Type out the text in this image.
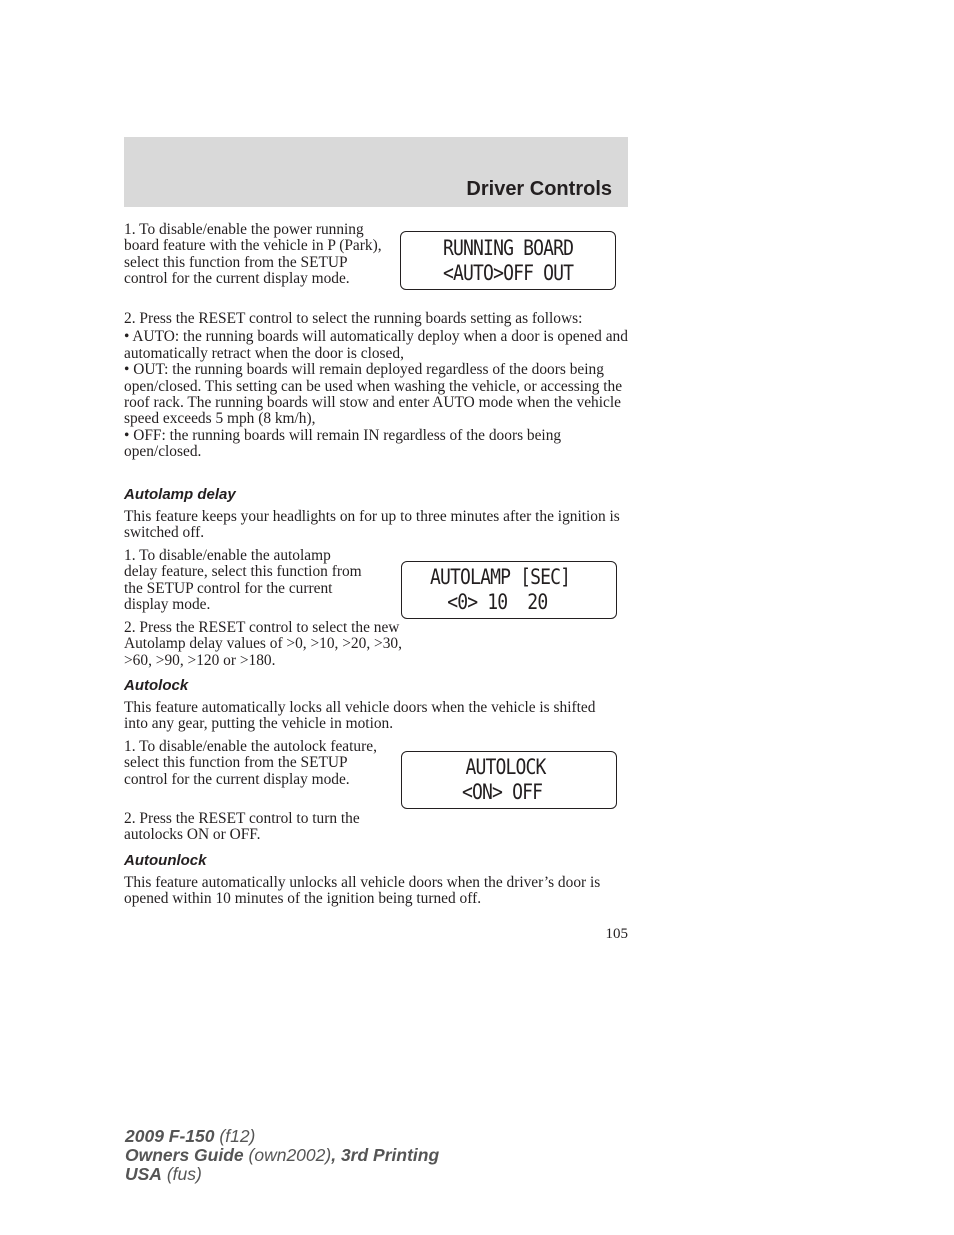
Driver Controls

1. To disable/enable the power running board feature with the vehicle in P (Park), select this function from the SETUP control for the current display mode.

RUNNING BOARD
<AUTO>OFF OUT

2. Press the RESET control to select the running boards setting as follows:

• AUTO: the running boards will automatically deploy when a door is opened and automatically retract when the door is closed,

• OUT: the running boards will remain deployed regardless of the doors being open/closed. This setting can be used when washing the vehicle, or accessing the roof rack. The running boards will stow and enter AUTO mode when the vehicle speed exceeds 5 mph (8 km/h),

• OFF: the running boards will remain IN regardless of the doors being open/closed.

Autolamp delay
This feature keeps your headlights on for up to three minutes after the ignition is switched off.
1. To disable/enable the autolamp delay feature, select this function from the SETUP control for the current display mode.
AUTOLAMP [SEC]
<0> 10  20
2. Press the RESET control to select the new Autolamp delay values of >0, >10, >20, >30, >60, >90, >120 or >180.
Autolock
This feature automatically locks all vehicle doors when the vehicle is shifted into any gear, putting the vehicle in motion.
1. To disable/enable the autolock feature, select this function from the SETUP control for the current display mode.
AUTOLOCK
<ON> OFF
2. Press the RESET control to turn the autolocks ON or OFF.
Autounlock
This feature automatically unlocks all vehicle doors when the driver’s door is opened within 10 minutes of the ignition being turned off.
105
2009 F-150 (f12)
Owners Guide (own2002), 3rd Printing
USA (fus)
